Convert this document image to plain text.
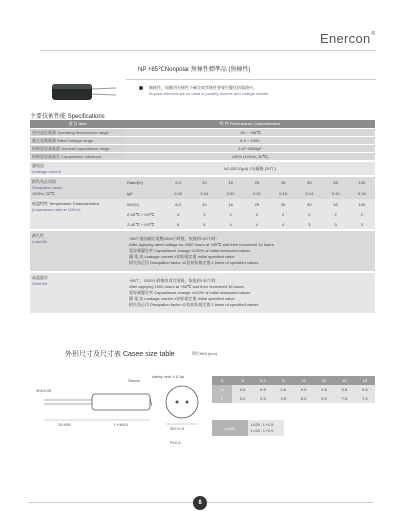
Enercon®
NP +85℃Nonpolar 無極性標準品 (無極性)
無極性，如應用在極性不確定或者極性會發生變化的電路中。
Bi-polar element are so used in polarity reverse and change circuits
主要技術性能 Specifications
項 目 Item	特 性 Performance Characteristics
使用溫度範圍 Operating temperature range	-40 ~ +85℃
額定電壓範圍 Rated voltage range	6.3 ~ 100V
標稱電容量範圍 Nominal capacitance range	0.47~6800μF
標稱電容量偏差 Capacitance tolerance	±20% (120Hz, 20℃)
漏電流
Leakage current	I≤0.03CV(μA) 2分鐘後 (20℃)
損失角正切值
Dissipation factor
120Hz, 20℃	Rated(V)	6.3	10	16	25	35	50	63	100
	tgδ	0.30	0.24	0.22	0.20	0.15	0.14	0.10	0.16
低溫特性 Temperature Characteristics
(Impedance ratio at 120Hz)	WV(V)	6.3	10	16	25	35	50	63	100
	Z-25℃ / +20℃	4	3	2	2	2	2	2	2
	Z-40℃ / +20℃	8	6	4	4	4	3	3	3
耐久性
Load life	
+85℃施加額定電壓2000小時後，恢復到+20℃時：
After applying rated voltage for 2000 hours at +85℃ and then recovered 16 hours.
電容量變化率 Capacitance change ≤±20% of initial measured values
漏 電 流 Leakage current ≤初始規定值 Initial specified value
損失角正切 Dissipation factor ≤2倍初始規定值 2 times of specified values
高溫儲存
Shelf life	
+85℃，1000小時無負荷存放後，恢復到+20℃時：
After applying 1000 hours at +85℃ and then recovered 16 hours.
電容量變化率 Capacitance change ≤±20% of initial measured values
漏 電 流 Leakage current ≤初始規定值 Initial specified value
損失角正切 Dissipation factor ≤2倍初始規定值 2 times of specified values
外形尺寸及尺寸表 Casee size table	單位MM (mm)
Sleeve
safety vent ≥ 6.3φ
15 MIN	L+/MAX
ΦD+0.5
Φd±0.05
P±0.5
D	5	6.3	8	10	13	16	18
d	0.5	0.5	0.6	0.6	0.8	0.8	0.8
F	2.0	2.5	3.5	5.0	5.0	7.5	7.5
L≥W3	
L≤20 : L+1.5
L>20 : L+2.0
8
